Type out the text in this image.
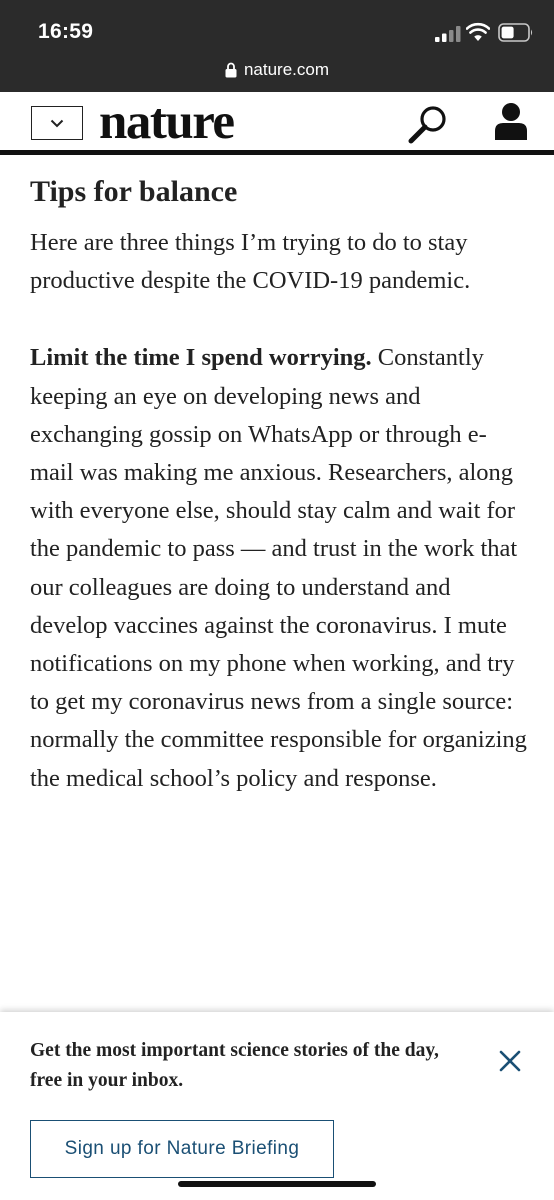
16:59
nature.com
nature
Tips for balance

Here are three things I’m trying to do to stay productive despite the COVID-19 pandemic.

Limit the time I spend worrying. Constantly keeping an eye on developing news and exchanging gossip on WhatsApp or through e-mail was making me anxious. Researchers, along with everyone else, should stay calm and wait for the pandemic to pass — and trust in the work that our colleagues are doing to understand and develop vaccines against the coronavirus. I mute notifications on my phone when working, and try to get my coronavirus news from a single source: normally the committee responsible for organizing the medical school’s policy and response.

Get the most important science stories of the day, free in your inbox.
Sign up for Nature Briefing
